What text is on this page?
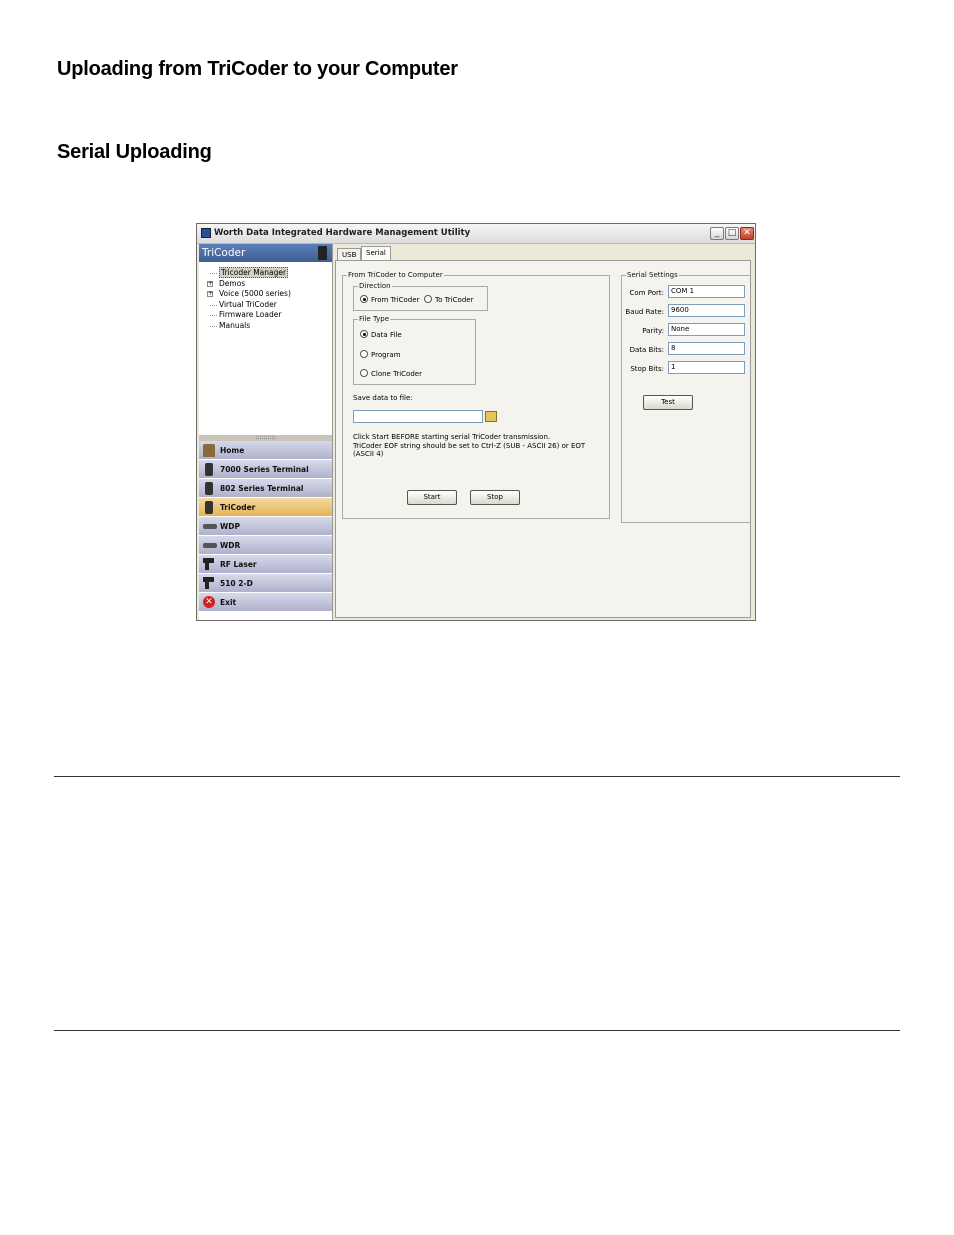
Uploading from TriCoder to your Computer
Serial Uploading
Worth Data Integrated Hardware Management Utility	_ □ ✕
TriCoder
Tricoder Manager
+ Demos
+ Voice (5000 series)
Virtual TriCoder
Firmware Loader
Manuals
::::::::::
Home
7000 Series Terminal
802 Series Terminal
TriCoder
WDP
WDR
RF Laser
510 2-D
✕ Exit
USB	Serial
From TriCoder to Computer
Direction
From TriCoder	To TriCoder
File Type
Data File
Program
Clone TriCoder
Save data to file:
Click Start BEFORE starting serial TriCoder transmission.
TriCoder EOF string should be set to Ctrl-Z (SUB - ASCII 26) or EOT
(ASCII 4)
Start	Stop
Serial Settings
Com Port:	COM 1
Baud Rate:	9600
Parity:	None
Data Bits:	8
Stop Bits:	1
Test
